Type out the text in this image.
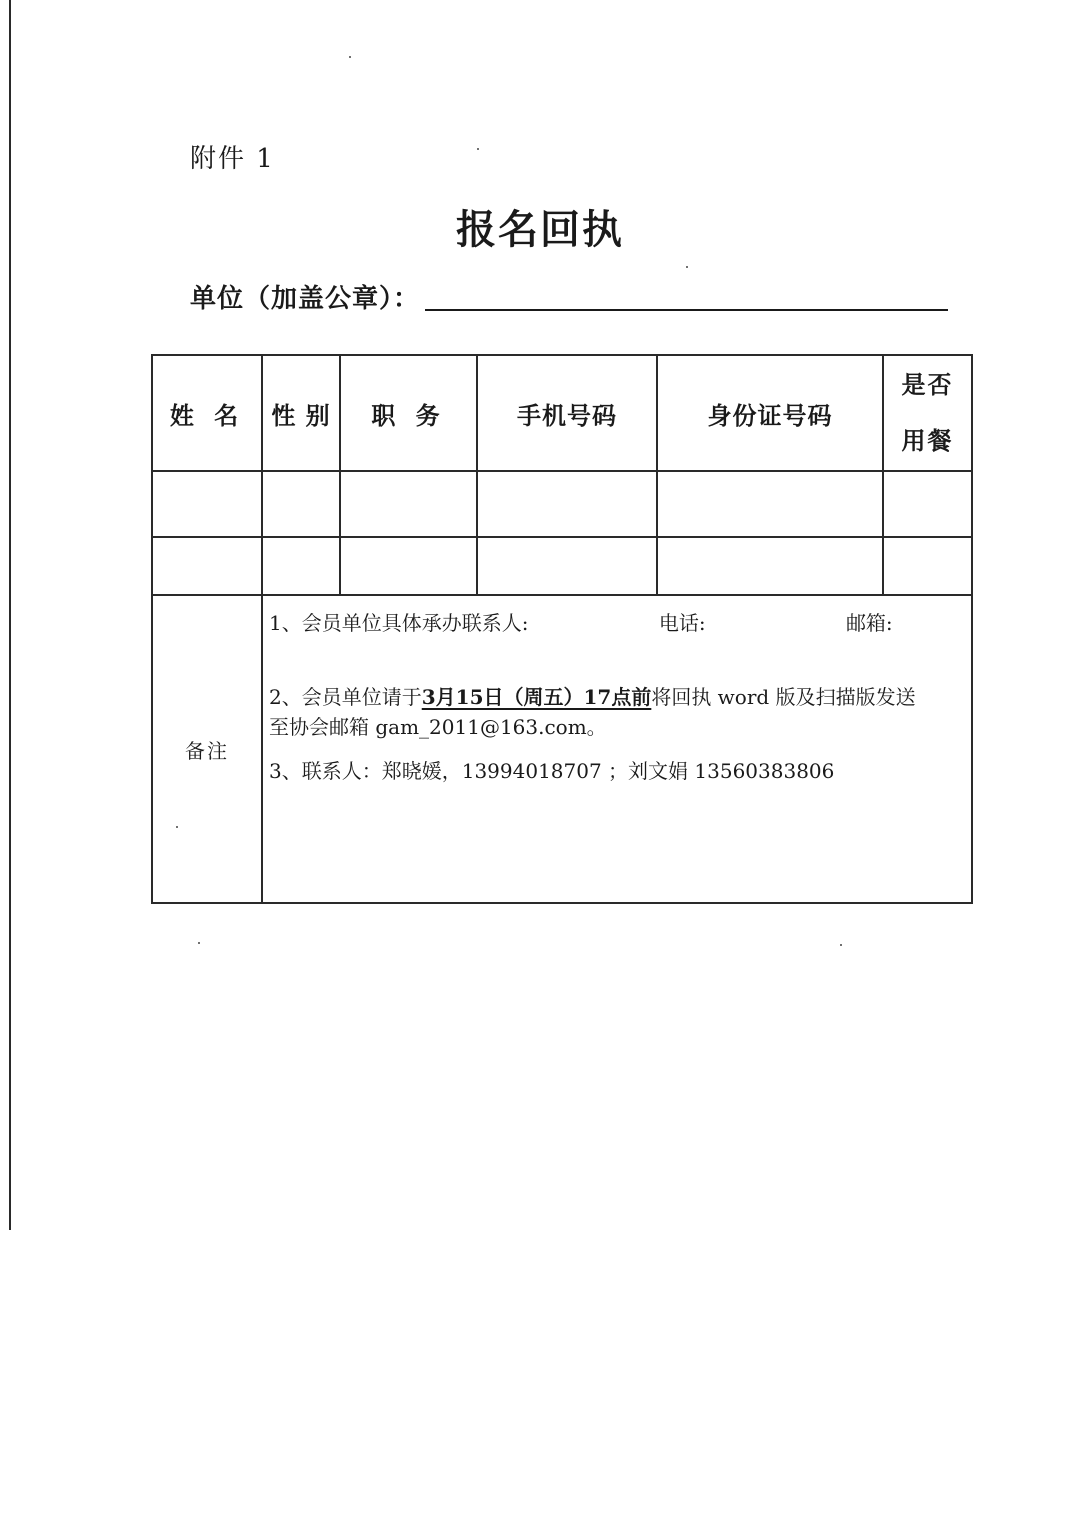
附件 1
报名回执
单位（加盖公章）：
姓 名	性 别	职 务	手机号码	身份证号码	是否
用餐

备注	1、会员单位具体承办联系人: 电话: 邮箱:
2、会员单位请于3月15日（周五）17点前将回执 word 版及扫描版发送
至协会邮箱 gam_2011@163.com。
3、联系人：郑晓媛，13994018707 ；刘文娟 13560383806				
